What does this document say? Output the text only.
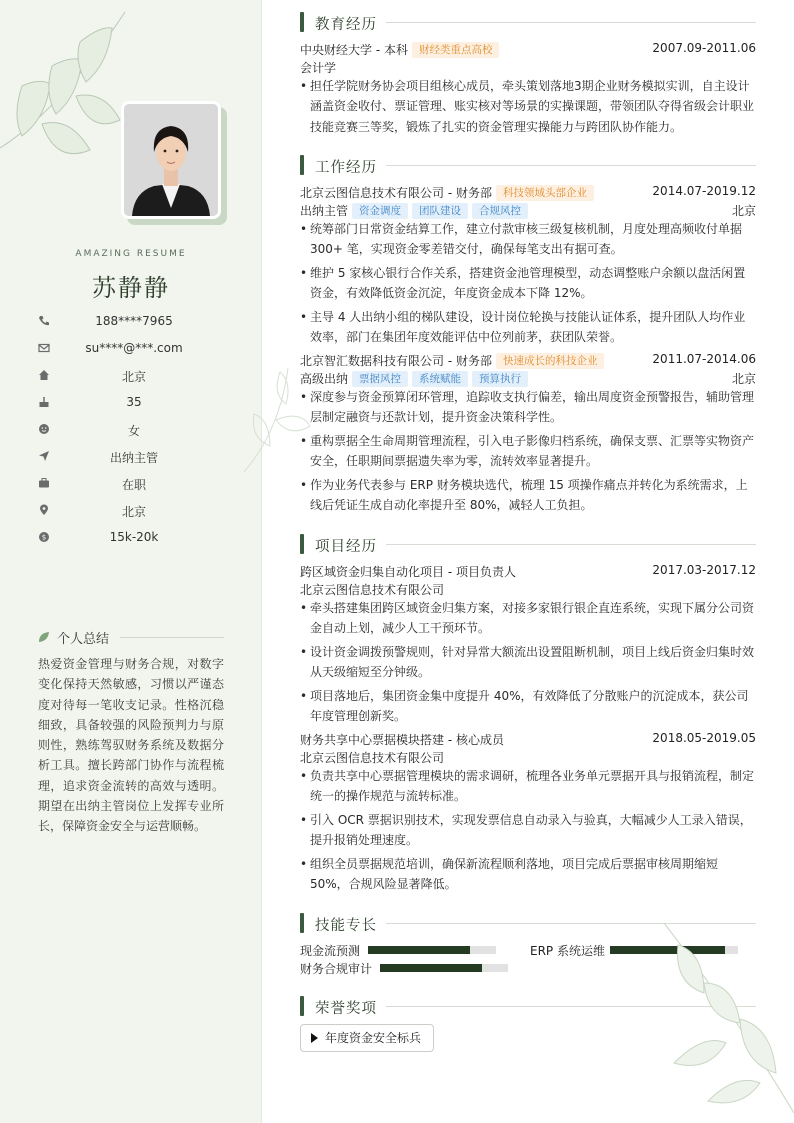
AMAZING RESUME
苏静静
188****7965
su****@***.com
北京
35
女
出纳主管
在职
北京
$	15k-20k
个人总结
热爱资金管理与财务合规，对数字变化保持天然敏感，习惯以严谨态度对待每一笔收支记录。性格沉稳细致，具备较强的风险预判力与原则性，熟练驾驭财务系统及数据分析工具。擅长跨部门协作与流程梳理，追求资金流转的高效与透明。期望在出纳主管岗位上发挥专业所长，保障资金安全与运营顺畅。
教育经历
中央财经大学 - 本科 财经类重点高校	2007.09-2011.06
会计学
• 担任学院财务协会项目组核心成员，牵头策划落地3期企业财务模拟实训，自主设计涵盖资金收付、票证管理、账实核对等场景的实操课题，带领团队夺得省级会计职业技能竞赛三等奖，锻炼了扎实的资金管理实操能力与跨团队协作能力。
工作经历
北京云图信息技术有限公司 - 财务部 科技领域头部企业	2014.07-2019.12
出纳主管 资金调度 团队建设 合规风控	北京
• 统筹部门日常资金结算工作，建立付款审核三级复核机制，月度处理高频收付单据300+ 笔，实现资金零差错交付，确保每笔支出有据可查。
• 维护 5 家核心银行合作关系，搭建资金池管理模型，动态调整账户余额以盘活闲置资金，有效降低资金沉淀，年度资金成本下降 12%。
• 主导 4 人出纳小组的梯队建设，设计岗位轮换与技能认证体系，提升团队人均作业效率，部门在集团年度效能评估中位列前茅，获团队荣誉。
北京智汇数据科技有限公司 - 财务部 快速成长的科技企业	2011.07-2014.06
高级出纳 票据风控 系统赋能 预算执行	北京
• 深度参与资金预算闭环管理，追踪收支执行偏差，输出周度资金预警报告，辅助管理层制定融资与还款计划，提升资金决策科学性。
• 重构票据全生命周期管理流程，引入电子影像归档系统，确保支票、汇票等实物资产安全，任职期间票据遗失率为零，流转效率显著提升。
• 作为业务代表参与 ERP 财务模块选代，梳理 15 项操作痛点并转化为系统需求，上线后凭证生成自动化率提升至 80%，减轻人工负担。
项目经历
跨区域资金归集自动化项目 - 项目负责人	2017.03-2017.12
北京云图信息技术有限公司
• 牵头搭建集团跨区域资金归集方案，对接多家银行银企直连系统，实现下属分公司资金自动上划，减少人工干预环节。
• 设计资金调拨预警规则，针对异常大额流出设置阻断机制，项目上线后资金归集时效从天级缩短至分钟级。
• 项目落地后，集团资金集中度提升 40%，有效降低了分散账户的沉淀成本，获公司年度管理创新奖。
财务共享中心票据模块搭建 - 核心成员	2018.05-2019.05
北京云图信息技术有限公司
• 负责共享中心票据管理模块的需求调研，梳理各业务单元票据开具与报销流程，制定统一的操作规范与流转标准。
• 引入 OCR 票据识别技术，实现发票信息自动录入与验真，大幅减少人工录入错误，提升报销处理速度。
• 组织全员票据规范培训，确保新流程顺利落地，项目完成后票据审核周期缩短50%，合规风险显著降低。
技能专长
现金流预测	ERP 系统运维
财务合规审计
荣誉奖项
年度资金安全标兵
